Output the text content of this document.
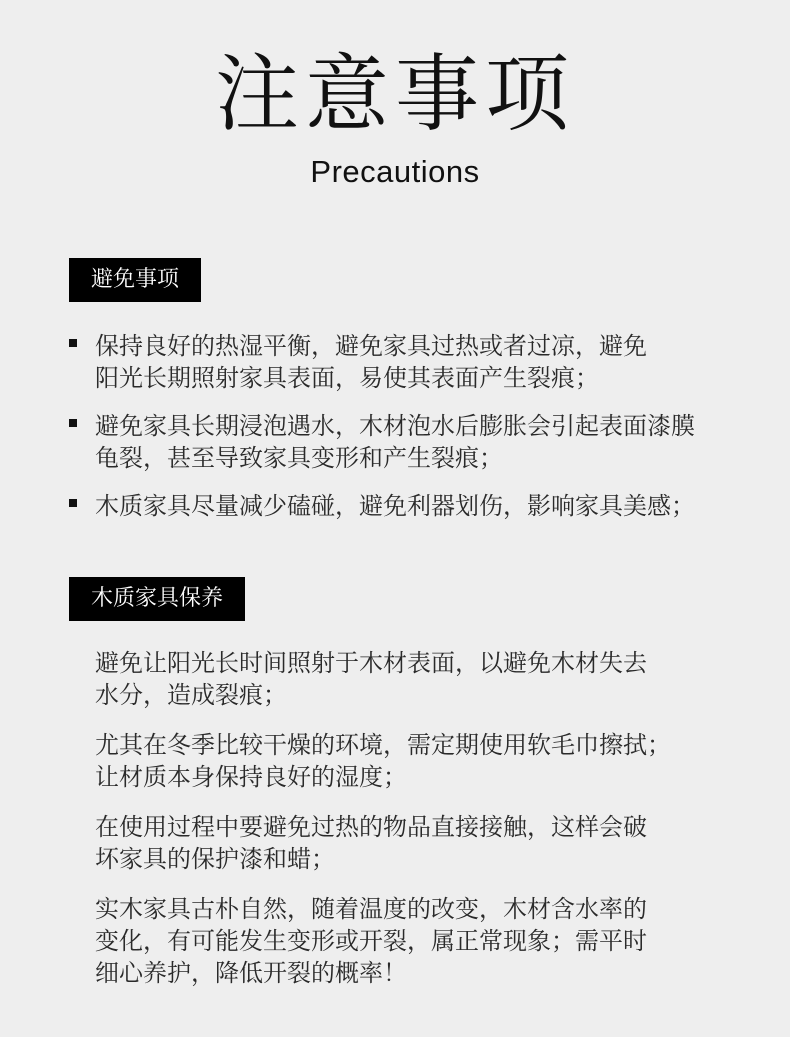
注意事项
Precautions
避免事项
保持良好的热湿平衡，避免家具过热或者过凉，避免
阳光长期照射家具表面，易使其表面产生裂痕；
避免家具长期浸泡遇水，木材泡水后膨胀会引起表面漆膜
龟裂，甚至导致家具变形和产生裂痕；
木质家具尽量减少磕碰，避免利器划伤，影响家具美感；
木质家具保养
避免让阳光长时间照射于木材表面，以避免木材失去
水分，造成裂痕；
尤其在冬季比较干燥的环境，需定期使用软毛巾擦拭；
让材质本身保持良好的湿度；
在使用过程中要避免过热的物品直接接触，这样会破
坏家具的保护漆和蜡；
实木家具古朴自然，随着温度的改变，木材含水率的
变化，有可能发生变形或开裂，属正常现象；需平时
细心养护，降低开裂的概率！
